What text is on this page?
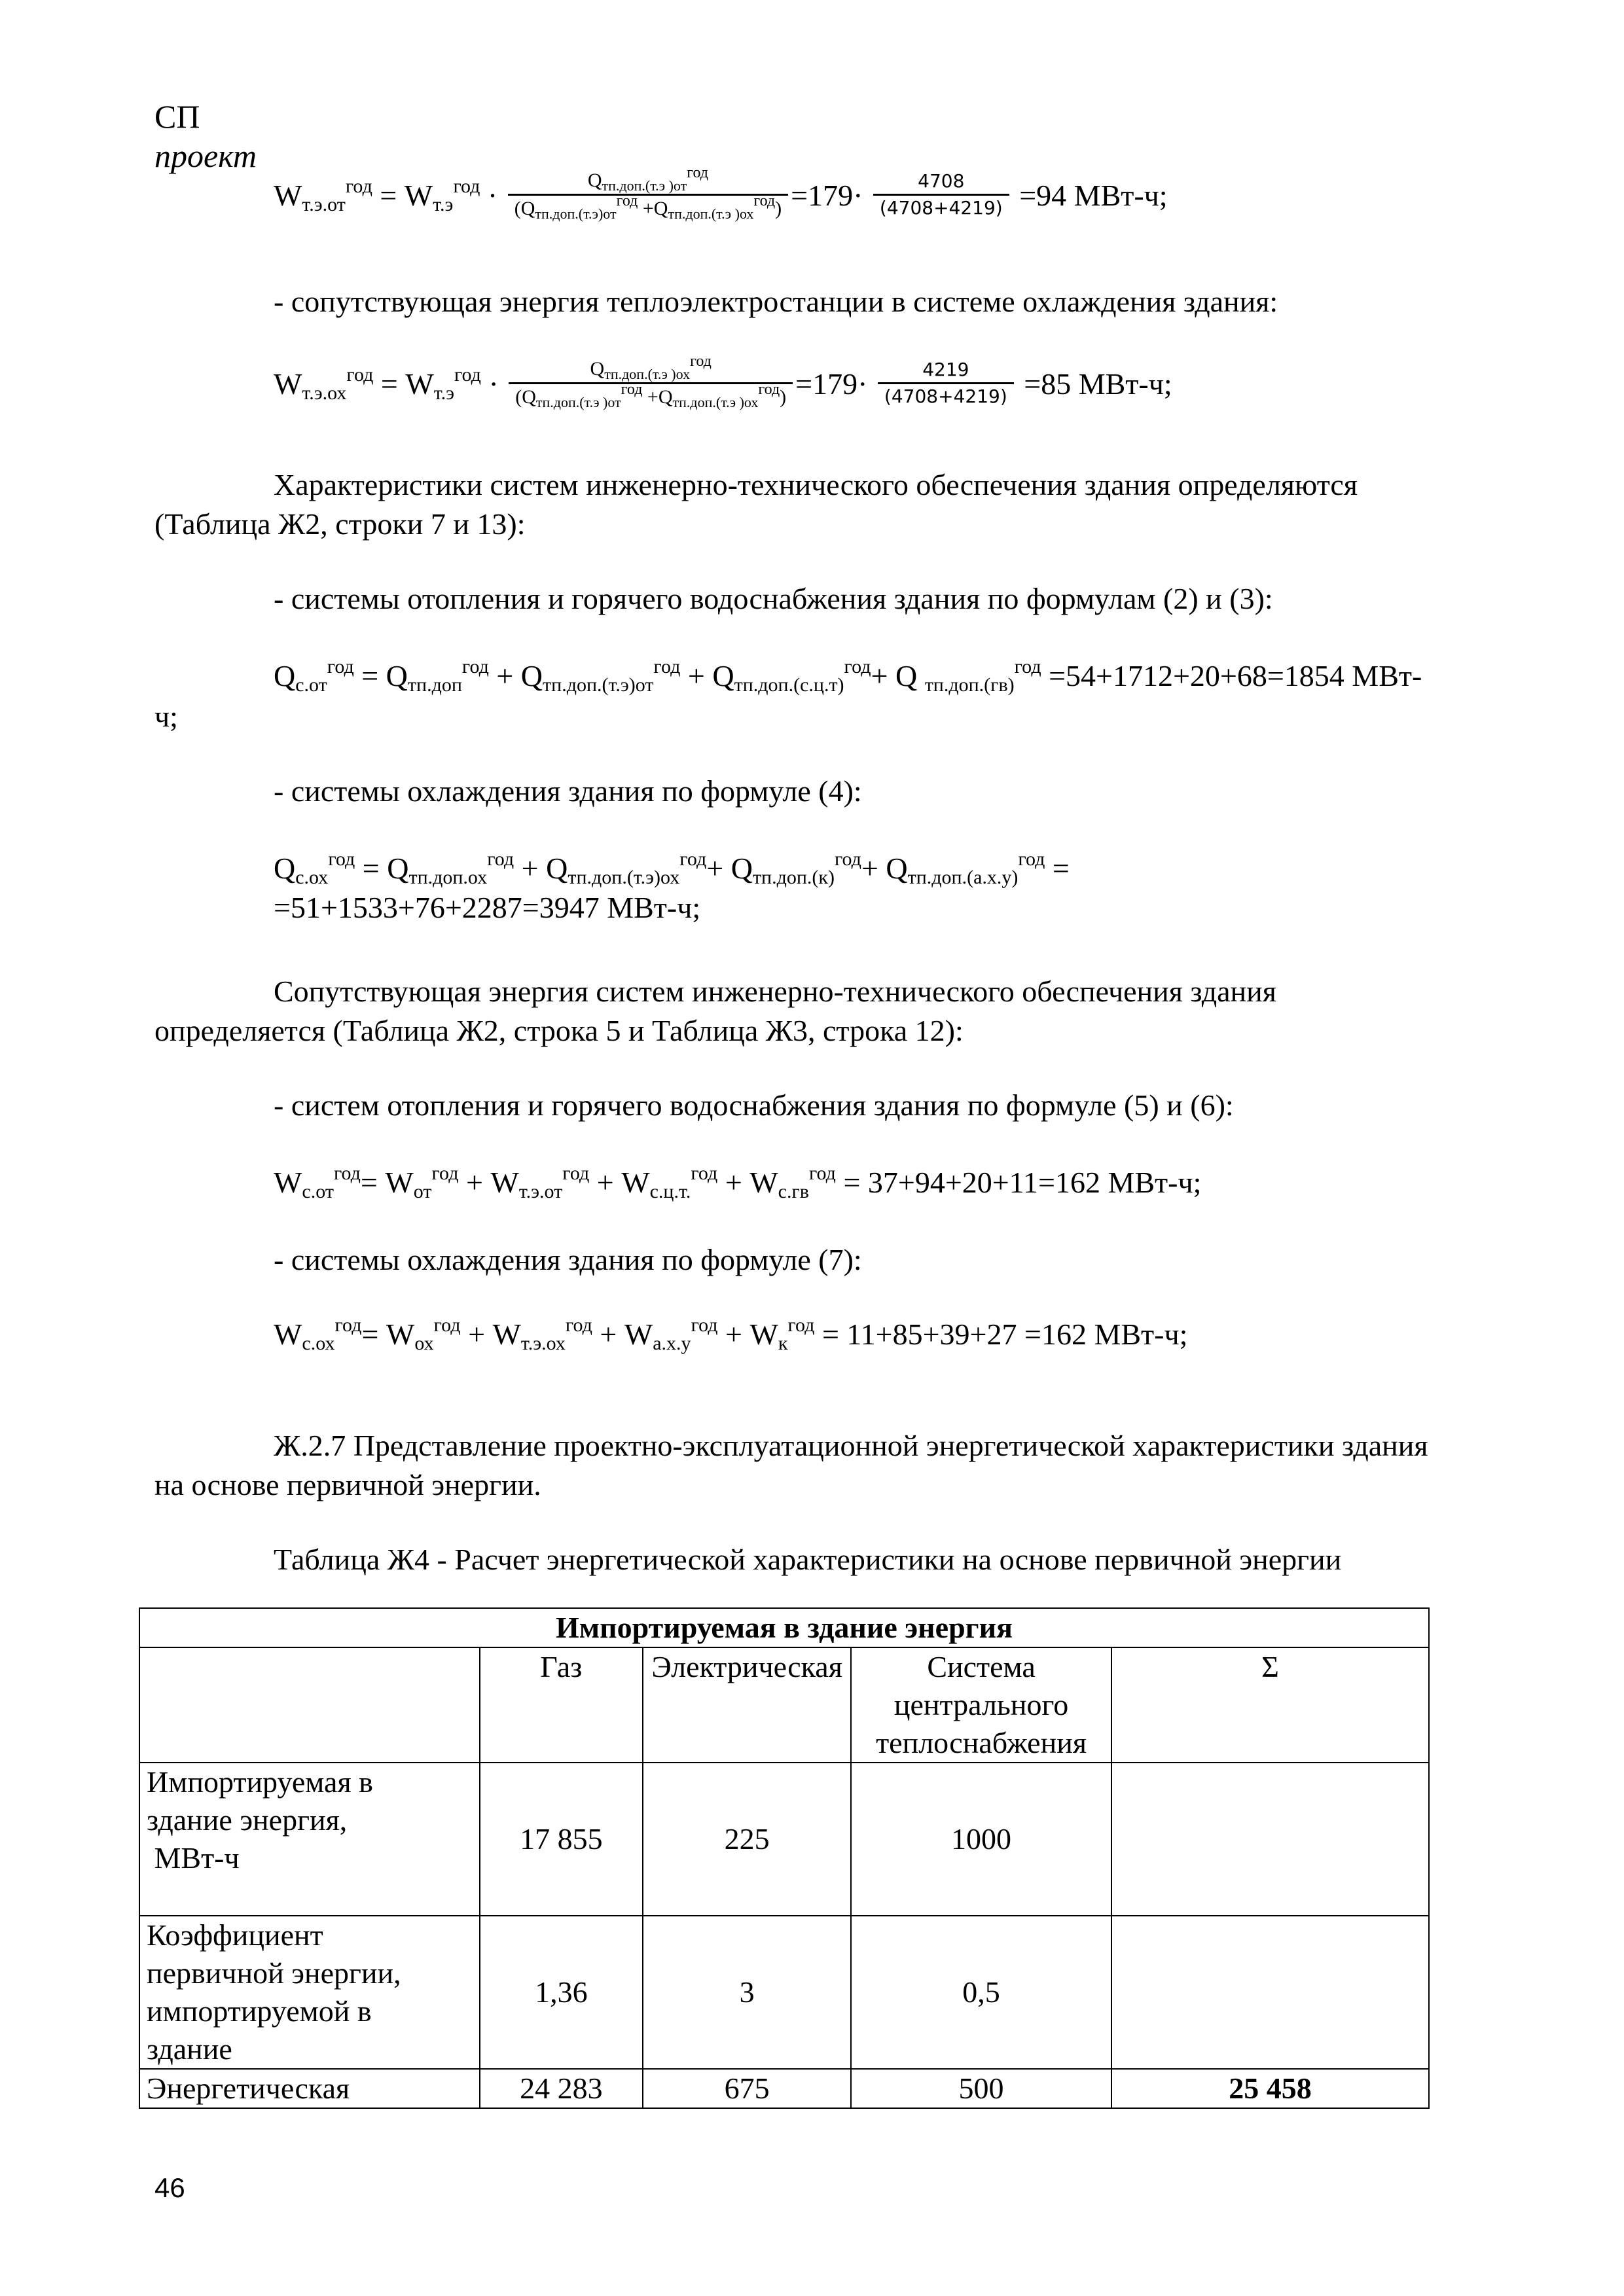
СП
проект
$W_{т.э.от}^{год} = W_{т.э}^{год} \cdot \frac{Q_{тп.доп.(т.э )от}^{год}}{(Q_{тп.доп.(т.э)от}^{год} +Q_{тп.доп.(т.э )ох}^{год})} =179\cdot \frac{4708}{(4708+4219)} =94$ МВт-ч;
- сопутствующая энергия теплоэлектростанции в системе охлаждения здания:
$W_{т.э.ох}^{год} = W_{т.э}^{год} \cdot \frac{Q_{тп.доп.(т.э )ох}^{год}}{(Q_{тп.доп.(т.э )от}^{год} +Q_{тп.доп.(т.э )ох}^{год})} =179\cdot \frac{4219}{(4708+4219)} =85$ МВт-ч;
Характеристики систем инженерно-технического обеспечения здания определяются
(Таблица Ж2, строки 7 и 13):
- системы отопления и горячего водоснабжения здания по формулам (2) и (3):
$Q_{с.от}^{год} = Q_{тп.доп}^{год} + Q_{тп.доп.(т.э)от}^{год} + Q_{тп.доп.(с.ц.т)}^{год}+ Q$ $_{тп.доп.(гв)}^{год}$ =54+1712+20+68=1854 МВт-
ч;
- системы охлаждения здания по формуле (4):
$Q_{с.ох}^{год} = Q_{тп.доп.ох}^{год} + Q_{тп.доп.(т.э)ох}^{год}+ Q_{тп.доп.(к)}^{год}+ Q_{тп.доп.(а.х.у)}^{год}$ =
=51+1533+76+2287=3947 МВт-ч;
Сопутствующая энергия систем инженерно-технического обеспечения здания
определяется (Таблица Ж2, строка 5 и Таблица Ж3, строка 12):
- систем отопления и горячего водоснабжения здания по формуле (5) и (6):
$W_{с.от}^{год}= W_{от}^{год} + W_{т.э.от}^{год} + W_{с.ц.т.}^{год} + W_{с.гв}^{год} = 37+94+20+11=162$ МВт-ч;
- системы охлаждения здания по формуле (7):
$W_{с.ох}^{год}= W_{ох}^{год} + W_{т.э.ох}^{год} + W_{а.х.у}^{год} + W_к^{год} = 11+85+39+27 =162$ МВт-ч;
Ж.2.7 Представление проектно-эксплуатационной энергетической характеристики здания
на основе первичной энергии.
Таблица Ж4 - Расчет энергетической характеристики на основе первичной энергии
Импортируемая в здание энергия				
	Газ	Электрическая	Система
центрального
теплоснабжения	Σ

Импортируемая в
здание энергия,
МВт-ч	17 855	225	1000	

Коэффициент
первичной энергии,
импортируемой в
здание	1,36	3	0,5	
Энергетическая	24 283	675	500	25 458
46
